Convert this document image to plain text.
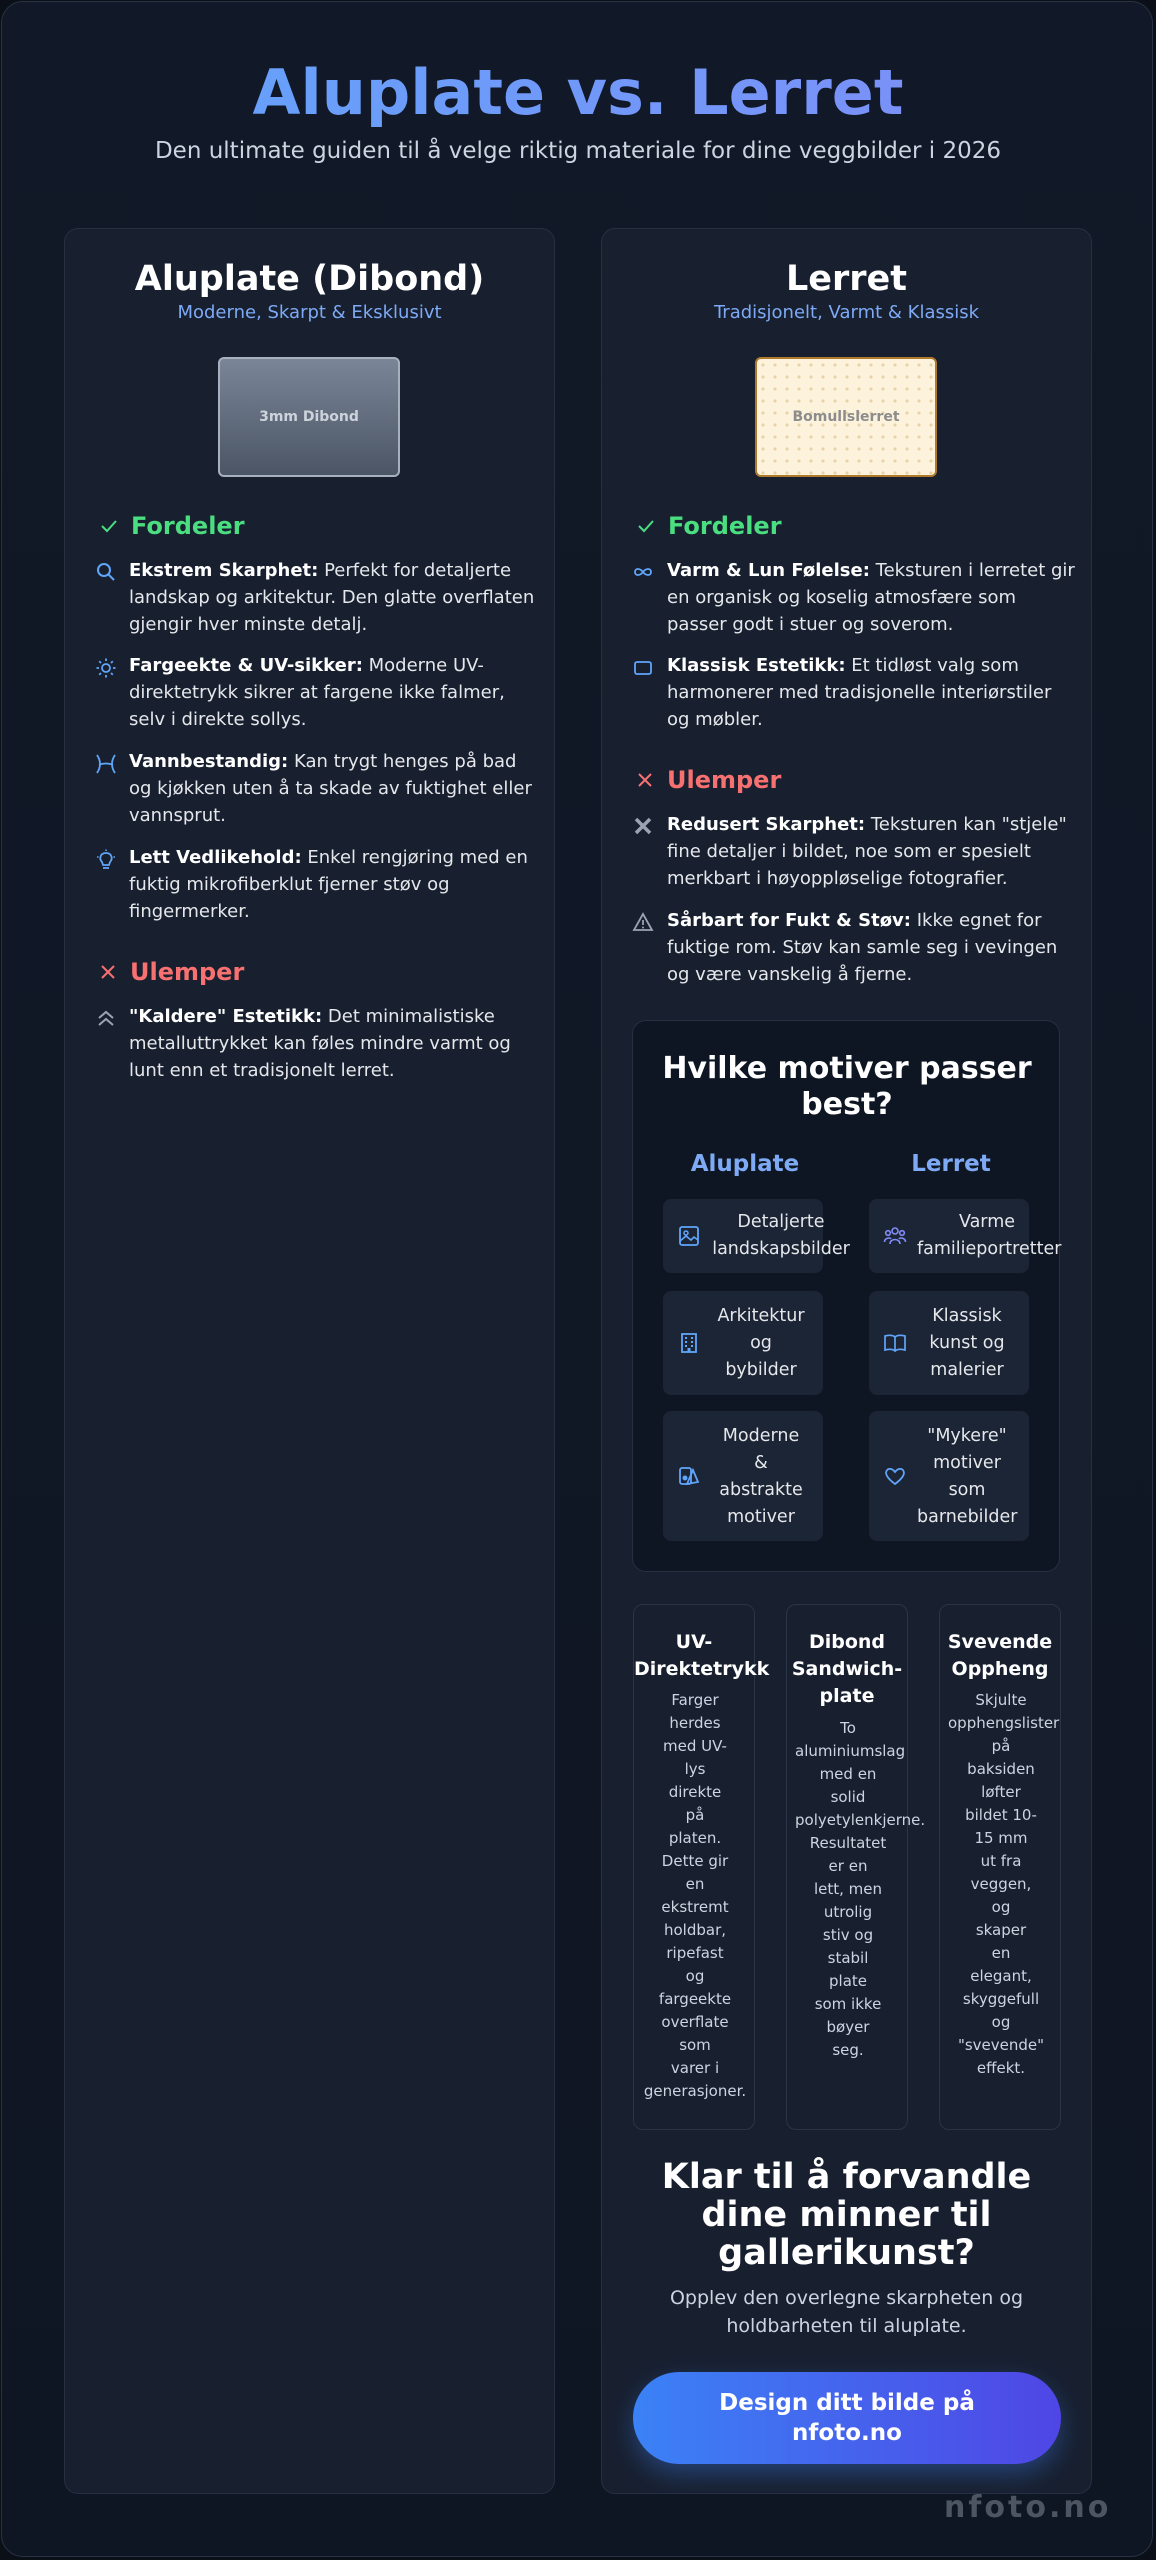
Aluplate vs. Lerret
Den ultimate guiden til å velge riktig materiale for dine veggbilder i 2026
Aluplate (Dibond)
Moderne, Skarpt & Eksklusivt
3mm Dibond
Fordeler
Ekstrem Skarphet: Perfekt for detaljerte
landskap og arkitektur. Den glatte overflaten
gjengir hver minste detalj.
Fargeekte & UV-sikker: Moderne UV-
direktetrykk sikrer at fargene ikke falmer,
selv i direkte sollys.
Vannbestandig: Kan trygt henges på bad
og kjøkken uten å ta skade av fuktighet eller
vannsprut.
Lett Vedlikehold: Enkel rengjøring med en
fuktig mikrofiberklut fjerner støv og
fingermerker.
Ulemper
"Kaldere" Estetikk: Det minimalistiske
metalluttrykket kan føles mindre varmt og
lunt enn et tradisjonelt lerret.
Lerret
Tradisjonelt, Varmt & Klassisk
Bomullslerret
Fordeler
Varm & Lun Følelse: Teksturen i lerretet gir
en organisk og koselig atmosfære som
passer godt i stuer og soverom.
Klassisk Estetikk: Et tidløst valg som
harmonerer med tradisjonelle interiørstiler
og møbler.
Ulemper
Redusert Skarphet: Teksturen kan "stjele"
fine detaljer i bildet, noe som er spesielt
merkbart i høyoppløselige fotografier.
Sårbart for Fukt & Støv: Ikke egnet for
fuktige rom. Støv kan samle seg i vevingen
og være vanskelig å fjerne.
Hvilke motiver passer
best?
Aluplate	Lerret
Detaljerte
landskapsbilder
Arkitektur
og
bybilder
Moderne
&
abstrakte
motiver
Varme
familieportretter
Klassisk
kunst og
malerier
"Mykere"
motiver
som
barnebilder
UV-
Direktetrykk
Farger
herdes
med UV-
lys
direkte
på
platen.
Dette gir
en
ekstremt
holdbar,
ripefast
og
fargeekte
overflate
som
varer i
generasjoner.
Dibond
Sandwich-
plate
To
aluminiumslag
med en
solid
polyetylenkjerne.
Resultatet
er en
lett, men
utrolig
stiv og
stabil
plate
som ikke
bøyer
seg.
Svevende
Oppheng
Skjulte
opphengslister
på
baksiden
løfter
bildet 10-
15 mm
ut fra
veggen,
og
skaper
en
elegant,
skyggefull
og
"svevende"
effekt.
Klar til å forvandle
dine minner til
gallerikunst?
Opplev den overlegne skarpheten og
holdbarheten til aluplate.
Design ditt bilde på
nfoto.no
nfoto.no
